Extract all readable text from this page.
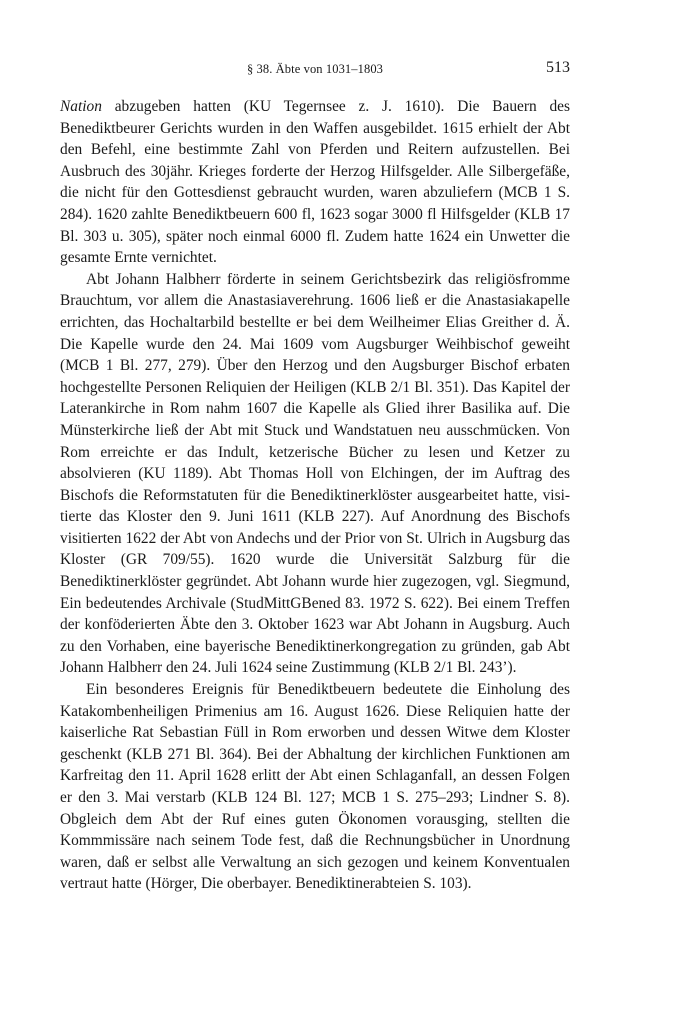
§ 38. Äbte von 1031–1803	513

Nation abzugeben hatten (KU Tegernsee z. J. 1610). Die Bauern des Benediktbeurer Gerichts wurden in den Waffen ausgebildet. 1615 erhielt der Abt den Befehl, eine bestimmte Zahl von Pferden und Reitern aufzustellen. Bei Ausbruch des 30jähr. Krieges forderte der Herzog Hilfsgelder. Alle Silbergefäße, die nicht für den Gottesdienst gebraucht wurden, waren abzuliefern (MCB 1 S. 284). 1620 zahlte Benediktbeuern 600 fl, 1623 sogar 3000 fl Hilfsgelder (KLB 17 Bl. 303 u. 305), später noch einmal 6000 fl. Zudem hatte 1624 ein Unwetter die gesamte Ernte vernichtet.

Abt Johann Halbherr förderte in seinem Gerichtsbezirk das religiösfromme Brauchtum, vor allem die Anastasiaverehrung. 1606 ließ er die Anastasiakapelle errichten, das Hochaltarbild bestellte er bei dem Weilheimer Elias Greither d. Ä. Die Kapelle wurde den 24. Mai 1609 vom Augsburger Weihbischof geweiht (MCB 1 Bl. 277, 279). Über den Herzog und den Augsburger Bischof erbaten hochgestellte Personen Reliquien der Heiligen (KLB 2/1 Bl. 351). Das Kapitel der Laterankirche in Rom nahm 1607 die Kapelle als Glied ihrer Basilika auf. Die Münsterkirche ließ der Abt mit Stuck und Wandstatuen neu ausschmücken. Von Rom erreichte er das Indult, ketzerische Bücher zu lesen und Ketzer zu absolvieren (KU 1189). Abt Thomas Holl von Elchingen, der im Auftrag des Bischofs die Reformstatuten für die Benediktinerklöster ausgearbeitet hatte, visitierte das Kloster den 9. Juni 1611 (KLB 227). Auf Anordnung des Bischofs visitierten 1622 der Abt von Andechs und der Prior von St. Ulrich in Augsburg das Kloster (GR 709/55). 1620 wurde die Universität Salzburg für die Benediktinerklöster gegründet. Abt Johann wurde hier zugezogen, vgl. Siegmund, Ein bedeutendes Archivale (StudMittGBened 83. 1972 S. 622). Bei einem Treffen der konföderierten Äbte den 3. Oktober 1623 war Abt Johann in Augsburg. Auch zu den Vorhaben, eine bayerische Benediktinerkongregation zu gründen, gab Abt Johann Halbherr den 24. Juli 1624 seine Zustimmung (KLB 2/1 Bl. 243’).

Ein besonderes Ereignis für Benediktbeuern bedeutete die Einholung des Katakombenheiligen Primenius am 16. August 1626. Diese Reliquien hatte der kaiserliche Rat Sebastian Füll in Rom erworben und dessen Witwe dem Kloster geschenkt (KLB 271 Bl. 364). Bei der Abhaltung der kirchlichen Funktionen am Karfreitag den 11. April 1628 erlitt der Abt einen Schlaganfall, an dessen Folgen er den 3. Mai verstarb (KLB 124 Bl. 127; MCB 1 S. 275–293; Lindner S. 8). Obgleich dem Abt der Ruf eines guten Ökonomen vorausging, stellten die Kommmissäre nach seinem Tode fest, daß die Rechnungsbücher in Unordnung waren, daß er selbst alle Verwaltung an sich gezogen und keinem Konventualen vertraut hatte (Hörger, Die oberbayer. Benediktinerabteien S. 103).
